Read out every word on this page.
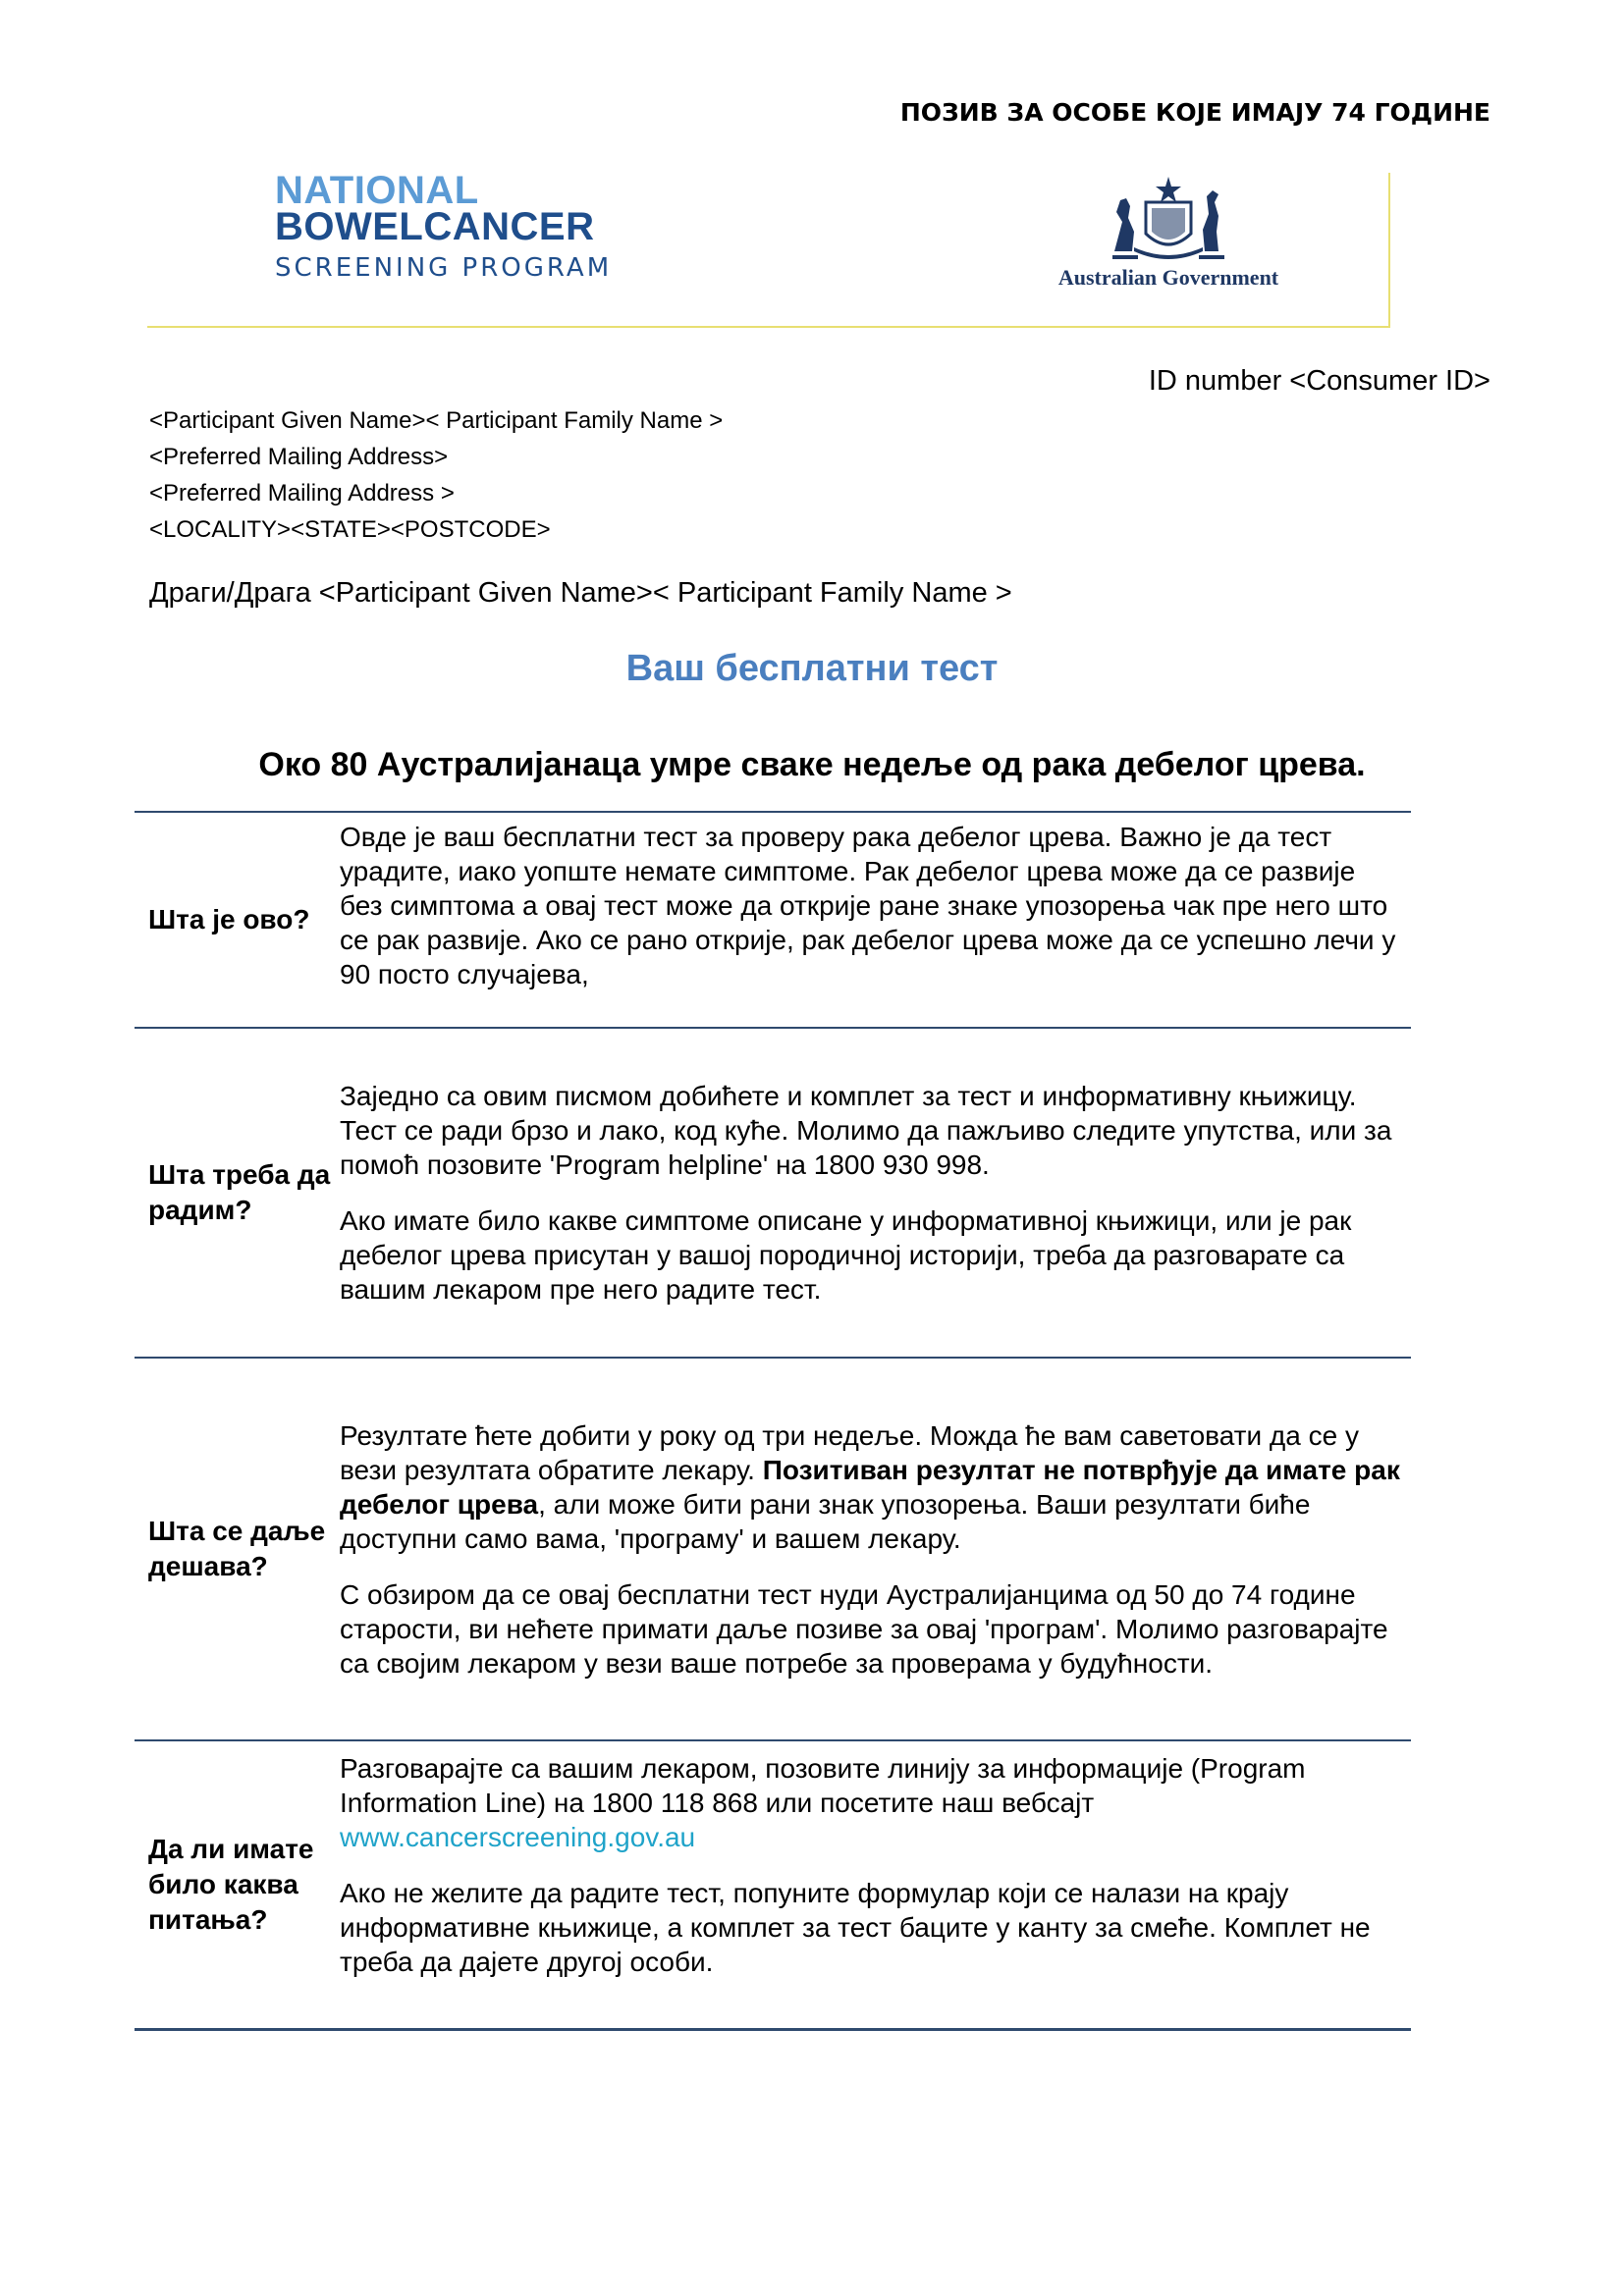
ПОЗИВ ЗА ОСОБЕ КОЈЕ ИМАЈУ 74 ГОДИНЕ
NATIONAL
BOWELCANCER
SCREENING PROGRAM	Australian Government
ID number <Consumer ID>
<Participant Given Name>< Participant Family Name >
<Preferred Mailing Address>
<Preferred Mailing Address >
<LOCALITY><STATE><POSTCODE>
Драги/Драга <Participant Given Name>< Participant Family Name >
Ваш бесплатни тест
Око 80 Аустралијанаца умре сваке недеље од рака дебелог црева.
Шта је ово?	Овде је ваш бесплатни тест за проверу рака дебелог црева. Важно је да тест урадите, иако уопште немате симптоме. Рак дебелог црева може да се развије без симптома а овај тест може да открије ране знаке упозорења чак пре него што се рак развије. Ако се рано открије, рак дебелог црева може да се успешно лечи у 90 посто случајева,

Шта треба да радим?	Заједно са овим писмом добићете и комплет за тест и информативну књижицу. Тест се ради брзо и лако, код куће. Молимо да пажљиво следите упутства, или за помоћ позовите 'Program helpline' на 1800 930 998.

Ако имате било какве симптоме описане у информативној књижици, или је рак дебелог црева присутан у вашој породичној историји, треба да разговарате са вашим лекаром пре него радите тест.

Шта се даље дешава?	Резултате ћете добити у року од три недеље. Можда ће вам саветовати да се у вези резултата обратите лекару. Позитиван резултат не потврђује да имате рак дебелог црева, али може бити рани знак упозорења. Ваши резултати биће доступни само вама, 'програму' и вашем лекару.

С обзиром да се овај бесплатни тест нуди Аустралијанцима од 50 до 74 године старости, ви нећете примати даље позиве за овај 'програм'. Молимо разговарајте са својим лекаром у вези ваше потребе за проверама у будућности.

Да ли имате било каква питања?	Разговарајте са вашим лекаром, позовите линију за информације (Program Information Line) на 1800 118 868 или посетите наш вебсајт www.cancerscreening.gov.au

Ако не желите да радите тест, попуните формулар који се налази на крају информативне књижице, а комплет за тест баците у канту за смеће. Комплет не треба да дајете другој особи.
